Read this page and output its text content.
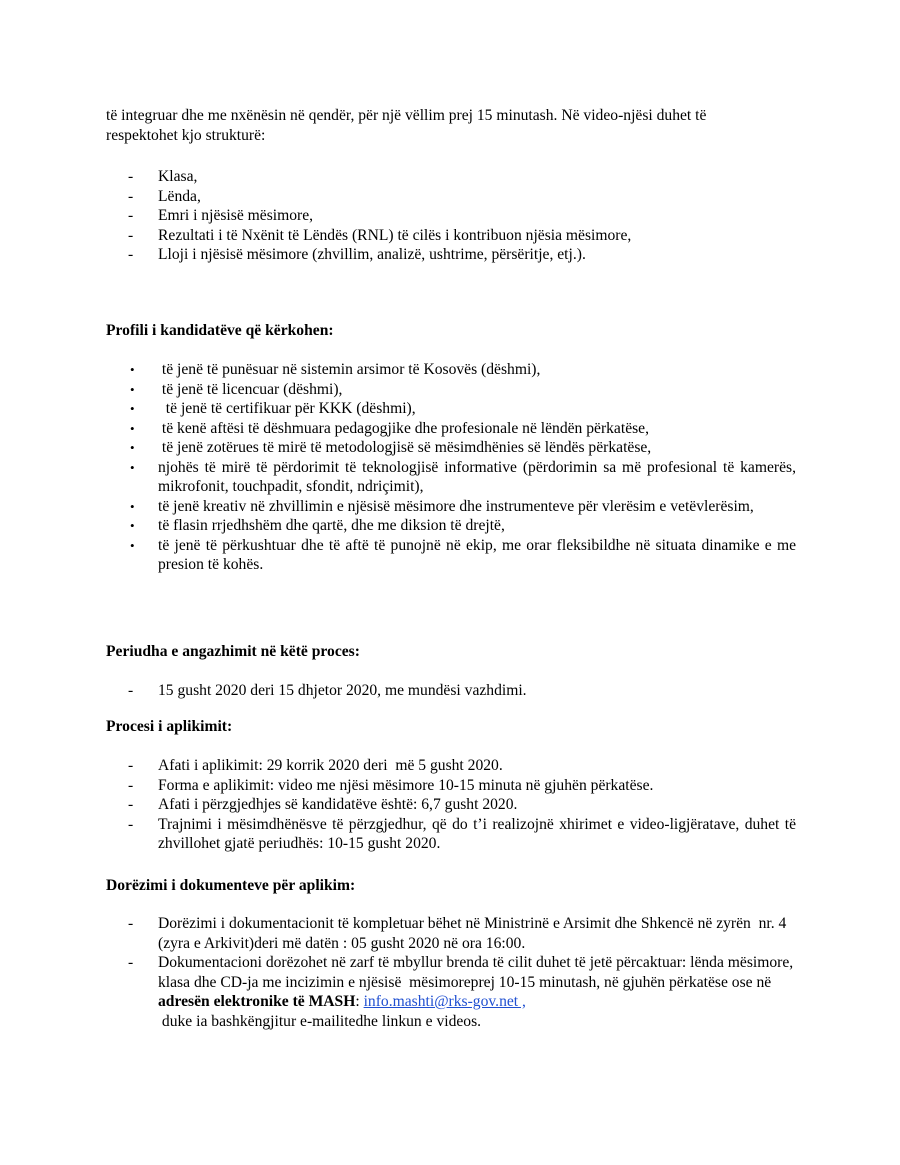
të integruar dhe me nxënësin në qendër, për një vëllim prej 15 minutash. Në video-njësi duhet të
respektohet kjo strukturë:
- Klasa,
- Lënda,
- Emri i njësisë mësimore,
- Rezultati i të Nxënit të Lëndës (RNL) të cilës i kontribuon njësia mësimore,
- Lloji i njësisë mësimore (zhvillim, analizë, ushtrime, përsëritje, etj.).
Profili i kandidatëve që kërkohen:
• të jenë të punësuar në sistemin arsimor të Kosovës (dëshmi),
• të jenë të licencuar (dëshmi),
• të jenë të certifikuar për KKK (dëshmi),
• të kenë aftësi të dëshmuara pedagogjike dhe profesionale në lëndën përkatëse,
• të jenë zotërues të mirë të metodologjisë së mësimdhënies së lëndës përkatëse,
• njohës të mirë të përdorimit të teknologjisë informative (përdorimin sa më profesional të kamerës, mikrofonit, touchpadit, sfondit, ndriçimit),
• të jenë kreativ në zhvillimin e njësisë mësimore dhe instrumenteve për vlerësim e vetëvlerësim,
• të flasin rrjedhshëm dhe qartë, dhe me diksion të drejtë,
• të jenë të përkushtuar dhe të aftë të punojnë në ekip, me orar fleksibildhe në situata dinamike e me presion të kohës.
Periudha e angazhimit në këtë proces:
- 15 gusht 2020 deri 15 dhjetor 2020, me mundësi vazhdimi.
Procesi i aplikimit:
- Afati i aplikimit: 29 korrik 2020 deri  më 5 gusht 2020.
- Forma e aplikimit: video me njësi mësimore 10-15 minuta në gjuhën përkatëse.
- Afati i përzgjedhjes së kandidatëve është: 6,7 gusht 2020.
- Trajnimi i mësimdhënësve të përzgjedhur, që do t’i realizojnë xhirimet e video-ligjëratave, duhet të zhvillohet gjatë periudhës: 10-15 gusht 2020.
Dorëzimi i dokumenteve për aplikim:
- Dorëzimi i dokumentacionit të kompletuar bëhet në Ministrinë e Arsimit dhe Shkencë në zyrën  nr. 4 (zyra e Arkivit)deri më datën : 05 gusht 2020 në ora 16:00.
- Dokumentacioni dorëzohet në zarf të mbyllur brenda të cilit duhet të jetë përcaktuar: lënda mësimore, klasa dhe CD-ja me incizimin e njësisë  mësimoreprej 10-15 minutash, në gjuhën përkatëse ose në adresën elektronike të MASH: info.mashti@rks-gov.net ,
duke ia bashkëngjitur e-mailitedhe linkun e videos.
